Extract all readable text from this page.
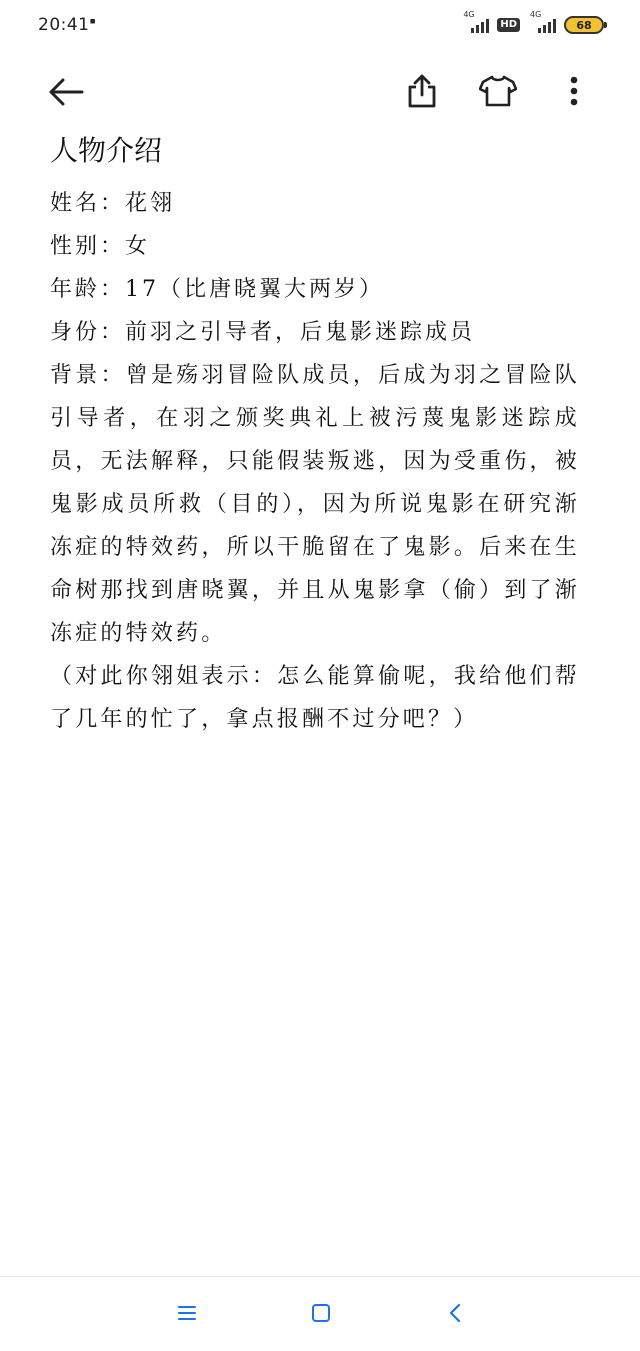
20:41▪
4G
HD
4G
68
人物介绍
姓名：花翎
性别：女
年龄：17（比唐晓翼大两岁）
身份：前羽之引导者，后鬼影迷踪成员
背景：曾是殇羽冒险队成员，后成为羽之冒险队引导者，在羽之颁奖典礼上被污蔑鬼影迷踪成员，无法解释，只能假装叛逃，因为受重伤，被鬼影成员所救（目的），因为所说鬼影在研究渐冻症的特效药，所以干脆留在了鬼影。后来在生命树那找到唐晓翼，并且从鬼影拿（偷）到了渐冻症的特效药。
（对此你翎姐表示：怎么能算偷呢，我给他们帮了几年的忙了，拿点报酬不过分吧？）
